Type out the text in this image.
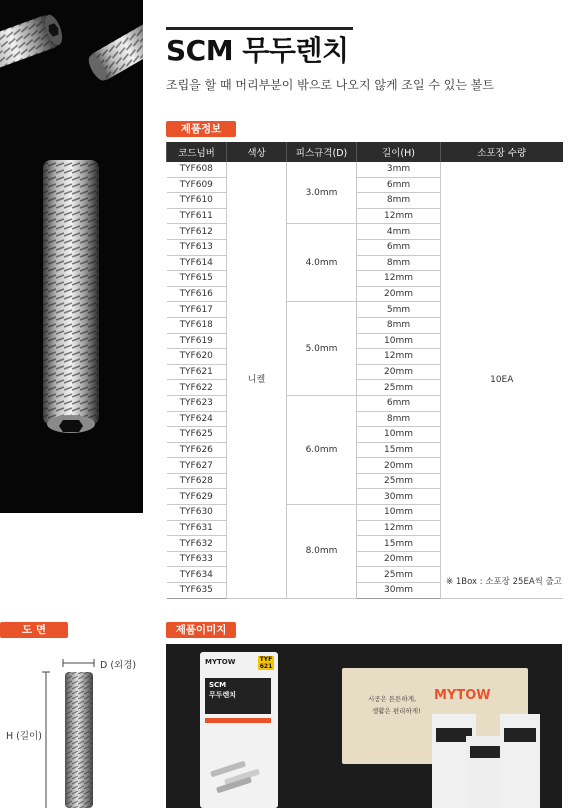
SCM 무두렌치
조립을 할 때 머리부분이 밖으로 나오지 않게 조일 수 있는 볼트
제품정보
코드넘버	색상	피스규격(D)	길이(H)	소포장 수량
TYF608	니켈	3.0mm	3mm	10EA
TYF609			6mm	
TYF610			8mm	
TYF611			12mm	
TYF612		4.0mm	4mm	
TYF613			6mm	
TYF614			8mm	
TYF615			12mm	
TYF616			20mm	
TYF617		5.0mm	5mm	
TYF618			8mm	
TYF619			10mm	
TYF620			12mm	
TYF621			20mm	
TYF622			25mm	
TYF623		6.0mm	6mm	
TYF624			8mm	
TYF625			10mm	
TYF626			15mm	
TYF627			20mm	
TYF628			25mm	
TYF629			30mm	
TYF630		8.0mm	10mm	
TYF631			12mm	
TYF632			15mm	
TYF633			20mm	
TYF634			25mm	
TYF635			30mm	
※ 1Box : 소포장 25EA씩 출고
도 면
D (외경)
H (길이)
제품이미지
MYTOW	TYF 621
SCM
무두렌치	시공은 튼튼하게,
생활은 편리하게!
MYTOW
